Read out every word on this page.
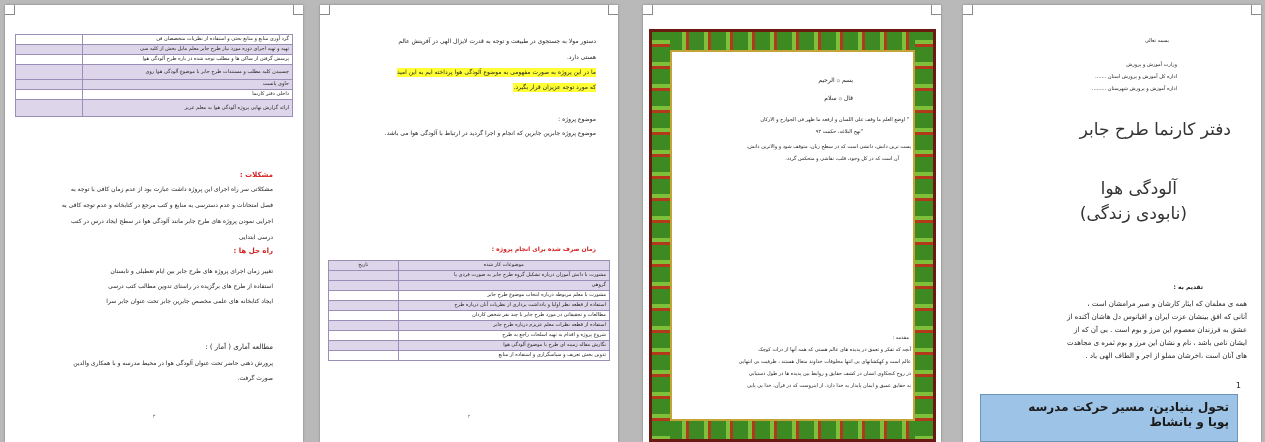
گرد آوری منابع و منابع بحثی و استفاده از نظریات متخصصان فن	
تهیه و تهیه اجرای دوره مورد نیاز طرح جابر معلم مایل بخش از کلیه سی	
پرسش گرفتن از ساکن ها و مطلب توجه شده در باره طرح آلودگی هوا	
چسبیدن کلیه مطلب و مستندات طرح جابر با موضوع آلودگی هوا روی	
حاوی پانست	
داخلی دفتر کارنما	
ارائه گزارش نهایی پروژه آلودگی هوا به معلم عزیز	
مشکلات :
مشکلاتی سر راه اجرای این پروژه داشت عبارت بود از عدم زمان کافی با توجه به
فصل امتحانات و عدم دسترسی به منابع و کتب مرجع در کتابخانه و عدم توجه کافی به
اجرایی نمودن پروژه های طرح جابر مانند آلودگی هوا در سطح ایجاد درس در کتب
درسی ابتدایی
راه حل ها :
تغییر زمان اجرای پروژه های طرح جابر بین ایام تعطیلی و تابستان
استفاده از طرح های برگزیده در راستای تدوین مطالب کتب درسی
ایجاد کتابخانه های علمی مخصص جابرین جابر تحت عنوان جابر سرا
مطالعه آماری ( آمار ) :
پرورش ذهنی حاضر تحت عنوان آلودگی هوا در محیط مدرسه و با همکاری والدین
صورت گرفت.
۳
دستور مولا به جستجوی در طبیعت و توجه به قدرت لایزال الهی در آفرینش عالم
هستی دارد.
ما در این پروژه به صورت مفهومی به موضوع آلودگی هوا پرداخته ایم به این امید
که مورد توجه عزیزان قرار بگیرد.
موضوع پروژه :
موضوع پروژه جابرین جابرین که انجام و اجرا گردید در ارتباط با آلودگی هوا می باشد.
زمان صرف شده برای انجام پروژه :
موضوعات کار شده	تاریخ
مشورت با دانش آموزان درباره تشکیل گروه طرح جابر به صورت فردی یا	
گروهی	
مشورت با معلم مربوطه درباره انتخاب موضوع طرح جابر	
استفاده از قطعه نظر اولیا و یادداشت برداری از نظریات آنان درباره طرح	
مطالعات و تحقیقاتی در مورد طرح جابر با چند نفر شخص کاردان	
استفاده از قطعه نظرات معلم عزیزم درباره طرح جابر	
شروع پروژه و اقدام به تهیه اسلحات راجع به طرح	
نگارش مقاله زمینه ای طرح با موضوع آلودگی هوا	
تدوین بخش تعریف و سیاسگزاری و استفاده از منابع	
۲
بسم ۞ الرحیم
قال ۞ سلام
" اوضع العلم ما وقف علی اللسان و ارفعه ما ظهر فی الجوارح و الارکان
"نهج البلاغه، حکمت ۹۲
پست ترین دانش، دانشی است که در سطح زبان، متوقف شود و والاترین دانش،
آن است که در کل وجود، قلب، نقاشی و متحکس گردد.
مقدمه :
آنچه که تفکر و تعمق در پدیده های عالم هستی که همه آنها از ذرات کوچک
عالم است و کهکشانهای بی انتها مخلوقات خداوند متعال هستند ، ظرفیت بی انتهایی
در روح کنجکاوی انسان در کشف حقایق و روابط بین پدیده ها در طول دستیابی
به حقایق عمیق و ایمان پایدار به خدا دارد. از اینروست که در قرآن، خدا پی پایی
بسمه تعالی
وزارت آموزش و پرورش
اداره کل آموزش و پرورش استان .......
اداره آموزش و پرورش شهرستان .........
دفتر کارنما طرح جابر
آلودگی هوا
(نابودی زندگی)
تقدیم به :
همه ی معلمان که ایثار کارشان و صبر مرامشان است ،
آنانی که افق بینشان عزت ایران و اقیانوس دل هاشان آکنده از
عشق به فرزندان معصوم این مرز و بوم است . بی آن که از
ایشان نامی باشد ، نام و نشان این مرز و بوم ثمره ی مجاهدت
های آنان است ،اخرشان مملو از اجر و الطاف الهی باد .
1
تحول بنیادین، مسیر حرکت مدرسه
پویا و بانشاط
